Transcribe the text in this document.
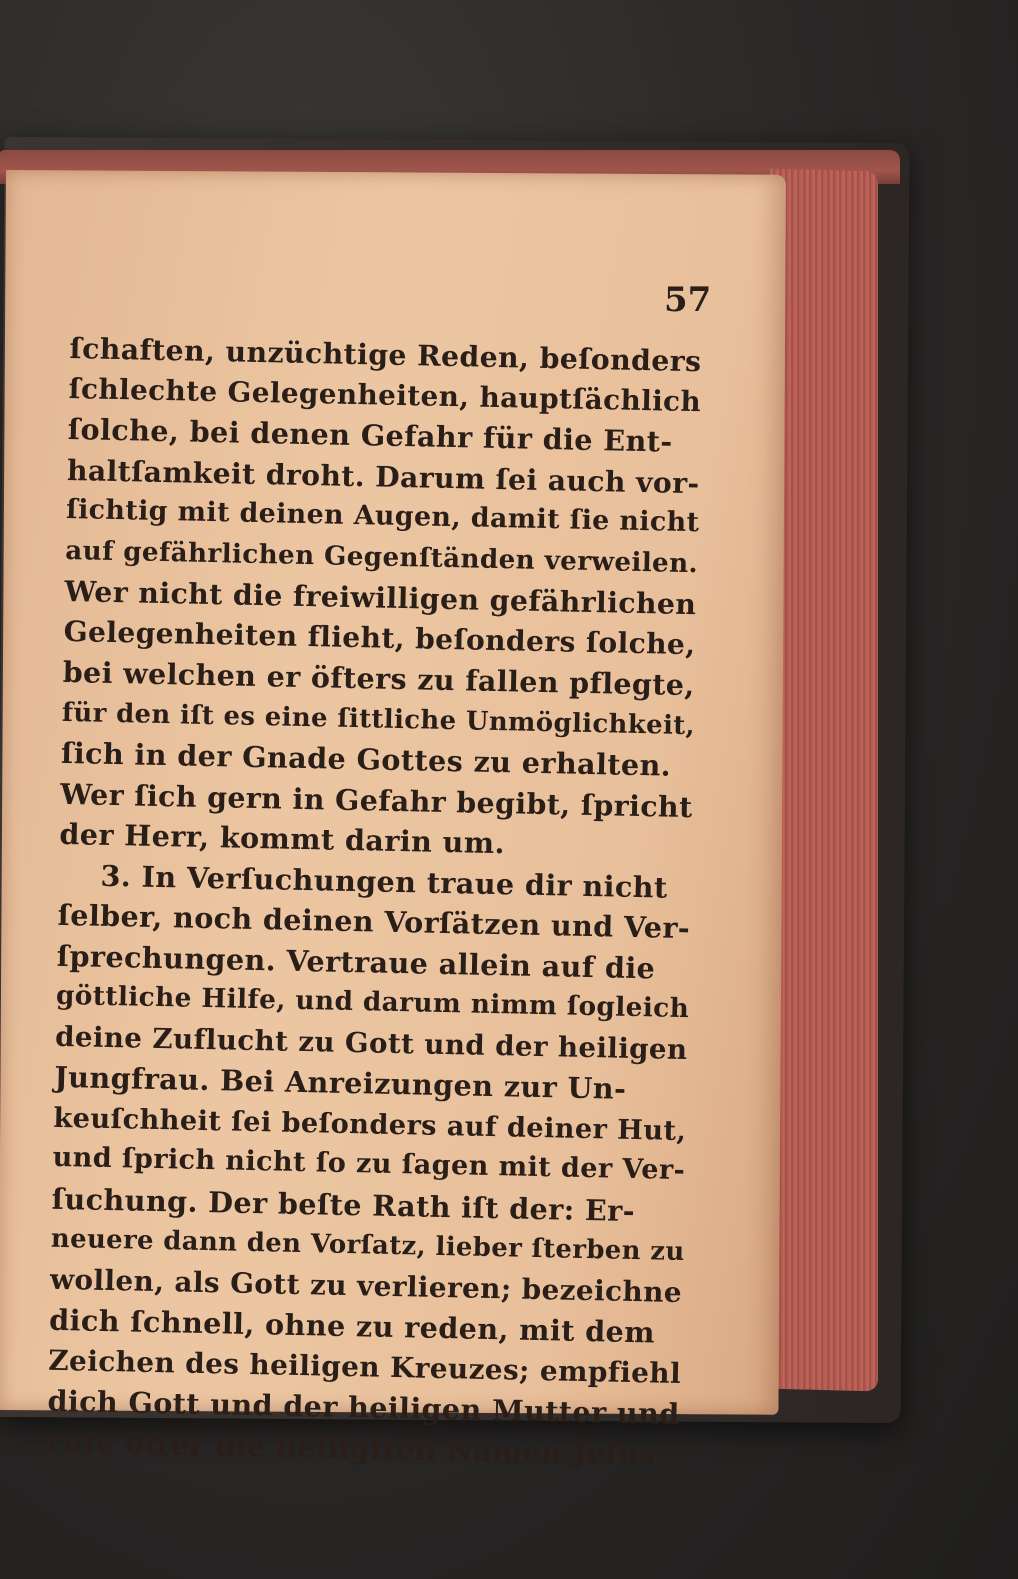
57
ſchaften, unzüchtige Reden, beſonders
ſchlechte Gelegenheiten, hauptſächlich
ſolche, bei denen Gefahr für die Ent-
haltſamkeit droht. Darum ſei auch vor-
ſichtig mit deinen Augen, damit ſie nicht
auf gefährlichen Gegenſtänden verweilen.
Wer nicht die freiwilligen gefährlichen
Gelegenheiten flieht, beſonders ſolche,
bei welchen er öfters zu fallen pflegte,
für den iſt es eine ſittliche Unmöglichkeit,
ſich in der Gnade Gottes zu erhalten.
Wer ſich gern in Gefahr begibt, ſpricht
der Herr, kommt darin um.
3. In Verſuchungen traue dir nicht
ſelber, noch deinen Vorſätzen und Ver-
ſprechungen. Vertraue allein auf die
göttliche Hilfe, und darum nimm ſogleich
deine Zuflucht zu Gott und der heiligen
Jungfrau. Bei Anreizungen zur Un-
keuſchheit ſei beſonders auf deiner Hut,
und ſprich nicht ſo zu ſagen mit der Ver-
ſuchung. Der beſte Rath iſt der: Er-
neuere dann den Vorſatz, lieber ſterben zu
wollen, als Gott zu verlieren; bezeichne
dich ſchnell, ohne zu reden, mit dem
Zeichen des heiligen Kreuzes; empfiehl
dich Gott und der heiligen Mutter und
rufe öfter die heiligſten Namen Jeſus
